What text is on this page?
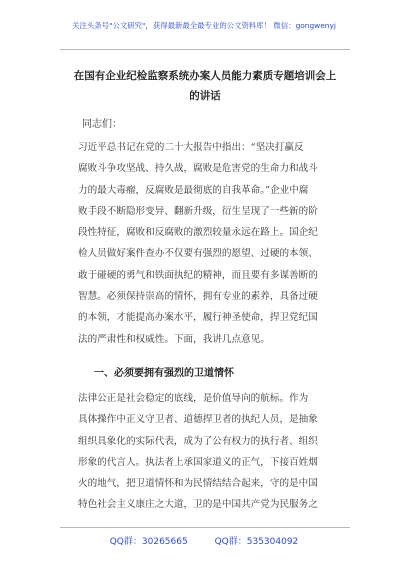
关注头条号"公文研究"，获得最新最全最专业的公文资料库！ 微信：gongwenyj
在国有企业纪检监察系统办案人员能力素质专题培训会上
的讲话
同志们：
习近平总书记在党的二十大报告中指出：“坚决打赢反
腐败斗争攻坚战、持久战，腐败是危害党的生命力和战斗
力的最大毒瘤，反腐败是最彻底的自我革命。”企业中腐
败手段不断隐形变异、翻新升级，衍生呈现了一些新的阶
段性特征，腐败和反腐败的激烈较量永远在路上。国企纪
检人员做好案件查办不仅要有强烈的愿望、过硬的本领、
敢于碰硬的勇气和铁面执纪的精神，而且要有多谋善断的
智慧。必须保持崇高的情怀，拥有专业的素养，具备过硬
的本领，才能提高办案水平，履行神圣使命，捍卫党纪国
法的严肃性和权威性。下面，我讲几点意见。
一、必须要拥有强烈的卫道情怀
法律公正是社会稳定的底线，是价值导向的航标。作为
具体操作中正义守卫者、道德捍卫者的执纪人员，是抽象
组织具象化的实际代表，成为了公有权力的执行者、组织
形象的代言人。执法者上承国家道义的正气，下接百姓烟
火的地气，把卫道情怀和为民情结结合起来，守的是中国
特色社会主义康庄之大道，卫的是中国共产党为民服务之
QQ群：30265665	QQ群：535304092
